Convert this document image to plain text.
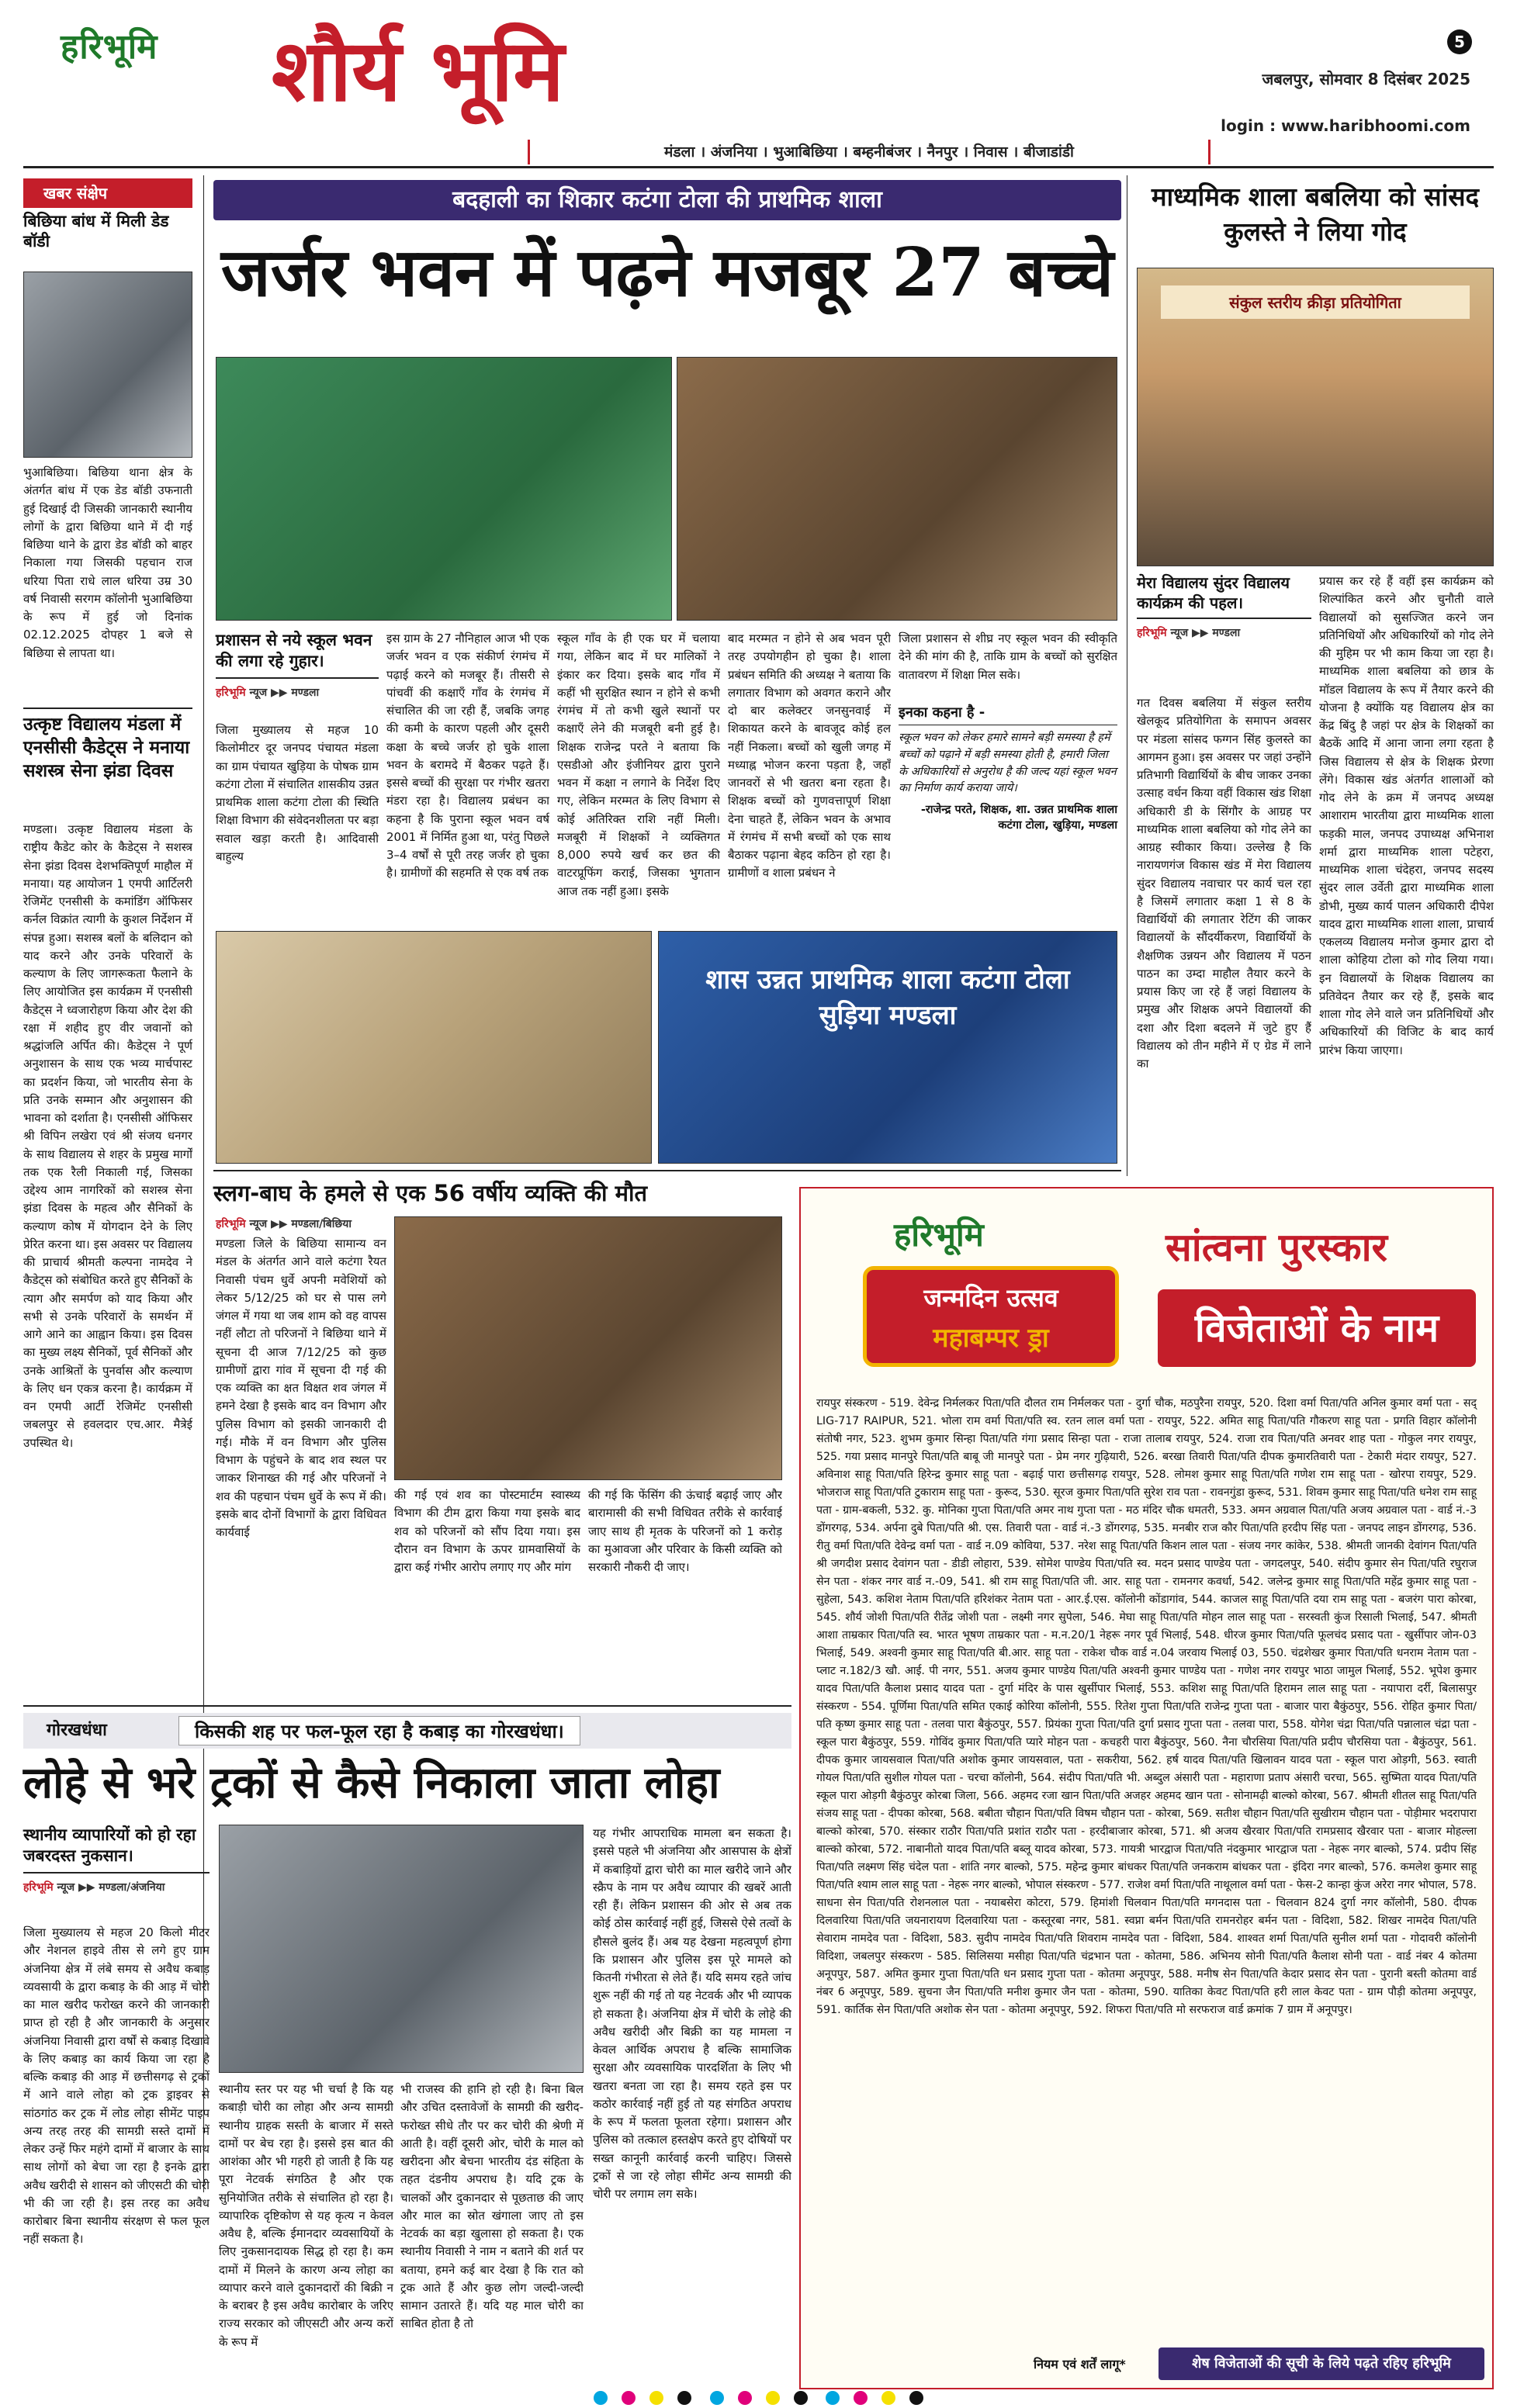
हरिभूमि शौर्य भूमि	5
जबलपुर, सोमवार 8 दिसंबर 2025
login : www.haribhoomi.com
मंडला । अंजनिया । भुआबिछिया । बम्हनीबंजर । नैनपुर । निवास । बीजाडांडी
खबर संक्षेप
बिछिया बांध में मिली डेड बॉडी
भुआबिछिया। बिछिया थाना क्षेत्र के अंतर्गत बांध में एक डेड बॉडी उफनाती हुई दिखाई दी जिसकी जानकारी स्थानीय लोगों के द्वारा बिछिया थाने में दी गई बिछिया थाने के द्वारा डेड बॉडी को बाहर निकाला गया जिसकी पहचान राज धरिया पिता राधे लाल धरिया उम्र 30 वर्ष निवासी सरगम कॉलोनी भुआबिछिया के रूप में हुई जो दिनांक 02.12.2025 दोपहर 1 बजे से बिछिया से लापता था।
उत्कृष्ट विद्यालय मंडला में एनसीसी कैडेट्स ने मनाया सशस्त्र सेना झंडा दिवस
मण्डला। उत्कृष्ट विद्यालय मंडला के राष्ट्रीय कैडेट कोर के कैडेट्स ने सशस्त्र सेना झंडा दिवस देशभक्तिपूर्ण माहौल में मनाया। यह आयोजन 1 एमपी आर्टिलरी रेजिमेंट एनसीसी के कमांडिंग ऑफिसर कर्नल विक्रांत त्यागी के कुशल निर्देशन में संपन्न हुआ। सशस्त्र बलों के बलिदान को याद करने और उनके परिवारों के कल्याण के लिए जागरूकता फैलाने के लिए आयोजित इस कार्यक्रम में एनसीसी कैडेट्स ने ध्वजारोहण किया और देश की रक्षा में शहीद हुए वीर जवानों को श्रद्धांजलि अर्पित की। कैडेट्स ने पूर्ण अनुशासन के साथ एक भव्य मार्चपास्ट का प्रदर्शन किया, जो भारतीय सेना के प्रति उनके सम्मान और अनुशासन की भावना को दर्शाता है। एनसीसी ऑफिसर श्री विपिन लखेरा एवं श्री संजय धनगर के साथ विद्यालय से शहर के प्रमुख मार्गों तक एक रैली निकाली गई, जिसका उद्देश्य आम नागरिकों को सशस्त्र सेना झंडा दिवस के महत्व और सैनिकों के कल्याण कोष में योगदान देने के लिए प्रेरित करना था। इस अवसर पर विद्यालय की प्राचार्य श्रीमती कल्पना नामदेव ने कैडेट्स को संबोधित करते हुए सैनिकों के त्याग और समर्पण को याद किया और सभी से उनके परिवारों के समर्थन में आगे आने का आह्वान किया। इस दिवस का मुख्य लक्ष्य सैनिकों, पूर्व सैनिकों और उनके आश्रितों के पुनर्वास और कल्याण के लिए धन एकत्र करना है। कार्यक्रम में वन एमपी आर्टी रेजिमेंट एनसीसी जबलपुर से हवलदार एच.आर. मैत्रेई उपस्थित थे।
बदहाली का शिकार कटंगा टोला की प्राथमिक शाला
जर्जर भवन में पढ़ने मजबूर 27 बच्चे
प्रशासन से नये स्कूल भवन की लगा रहे गुहार।
हरिभूमि न्यूज ▶▶ मण्डला
जिला मुख्यालय से महज 10 किलोमीटर दूर जनपद पंचायत मंडला का ग्राम पंचायत खुड़िया के पोषक ग्राम कटंगा टोला में संचालित शासकीय उन्नत प्राथमिक शाला कटंगा टोला की स्थिति शिक्षा विभाग की संवेदनशीलता पर बड़ा सवाल खड़ा करती है। आदिवासी बाहुल्य
इस ग्राम के 27 नौनिहाल आज भी एक जर्जर भवन व एक संकीर्ण रंगमंच में पढ़ाई करने को मजबूर हैं। तीसरी से पांचवीं की कक्षाएँ गाँव के रंगमंच में संचालित की जा रही हैं, जबकि जगह की कमी के कारण पहली और दूसरी कक्षा के बच्चे जर्जर हो चुके शाला भवन के बरामदे में बैठकर पढ़ते हैं। इससे बच्चों की सुरक्षा पर गंभीर खतरा मंडरा रहा है। विद्यालय प्रबंधन का कहना है कि पुराना स्कूल भवन वर्ष 2001 में निर्मित हुआ था, परंतु पिछले 3–4 वर्षों से पूरी तरह जर्जर हो चुका है। ग्रामीणों की सहमति से एक वर्ष तक
स्कूल गाँव के ही एक घर में चलाया गया, लेकिन बाद में घर मालिकों ने इंकार कर दिया। इसके बाद गाँव में कहीं भी सुरक्षित स्थान न होने से कभी रंगमंच में तो कभी खुले स्थानों पर कक्षाएँ लेने की मजबूरी बनी हुई है। शिक्षक राजेन्द्र परते ने बताया कि एसडीओ और इंजीनियर द्वारा पुराने भवन में कक्षा न लगाने के निर्देश दिए गए, लेकिन मरम्मत के लिए विभाग से कोई अतिरिक्त राशि नहीं मिली। मजबूरी में शिक्षकों ने व्यक्तिगत 8,000 रुपये खर्च कर छत की वाटरप्रूफिंग कराई, जिसका भुगतान आज तक नहीं हुआ। इसके
बाद मरम्मत न होने से अब भवन पूरी तरह उपयोगहीन हो चुका है। शाला प्रबंधन समिति की अध्यक्ष ने बताया कि लगातार विभाग को अवगत कराने और दो बार कलेक्टर जनसुनवाई में शिकायत करने के बावजूद कोई हल नहीं निकला। बच्चों को खुली जगह में मध्याह्न भोजन करना पड़ता है, जहाँ जानवरों से भी खतरा बना रहता है। शिक्षक बच्चों को गुणवत्तापूर्ण शिक्षा देना चाहते हैं, लेकिन भवन के अभाव में रंगमंच में सभी बच्चों को एक साथ बैठाकर पढ़ाना बेहद कठिन हो रहा है। ग्रामीणों व शाला प्रबंधन ने
जिला प्रशासन से शीघ्र नए स्कूल भवन की स्वीकृति देने की मांग की है, ताकि ग्राम के बच्चों को सुरक्षित वातावरण में शिक्षा मिल सके।
इनका कहना है -
स्कूल भवन को लेकर हमारे सामने बड़ी समस्या है हमें बच्चों को पढ़ाने में बड़ी समस्या होती है, हमारी जिला के अधिकारियों से अनुरोध है की जल्द यहां स्कूल भवन का निर्माण कार्य कराया जाये।
-राजेन्द्र परते, शिक्षक, शा. उन्नत प्राथमिक शाला कटंगा टोला, खुड़िया, मण्डला
शास उन्नत प्राथमिक शाला कटंगा टोला सुड़िया मण्डला
माध्यमिक शाला बबलिया को सांसद कुलस्ते ने लिया गोद
संकुल स्तरीय क्रीड़ा प्रतियोगिता
मेरा विद्यालय सुंदर विद्यालय कार्यक्रम की पहल।
हरिभूमि न्यूज ▶▶ मण्डला
गत दिवस बबलिया में संकुल स्तरीय खेलकूद प्रतियोगिता के समापन अवसर पर मंडला सांसद फग्गन सिंह कुलस्ते का आगमन हुआ। इस अवसर पर जहां उन्होंने प्रतिभागी विद्यार्थियों के बीच जाकर उनका उत्साह वर्धन किया वहीं विकास खंड शिक्षा अधिकारी डी के सिंगौर के आग्रह पर माध्यमिक शाला बबलिया को गोद लेने का आग्रह स्वीकार किया। उल्लेख है कि नारायणगंज विकास खंड में मेरा विद्यालय सुंदर विद्यालय नवाचार पर कार्य चल रहा है जिसमें लगातार कक्षा 1 से 8 के विद्यार्थियों की लगातार रेटिंग की जाकर विद्यालयों के सौंदर्यीकरण, विद्यार्थियों के शैक्षणिक उन्नयन और विद्यालय में पठन पाठन का उम्दा माहौल तैयार करने के प्रयास किए जा रहे हैं जहां विद्यालय के प्रमुख और शिक्षक अपने विद्यालयों की दशा और दिशा बदलने में जुटे हुए हैं विद्यालय को तीन महीने में ए ग्रेड में लाने का
प्रयास कर रहे हैं वहीं इस कार्यक्रम को शिल्पांकित करने और चुनौती वाले विद्यालयों को सुसज्जित करने जन प्रतिनिधियों और अधिकारियों को गोद लेने की मुहिम पर भी काम किया जा रहा है। माध्यमिक शाला बबलिया को छात्र के मॉडल विद्यालय के रूप में तैयार करने की योजना है क्योंकि यह विद्यालय क्षेत्र का केंद्र बिंदु है जहां पर क्षेत्र के शिक्षकों का बैठकें आदि में आना जाना लगा रहता है जिस विद्यालय से क्षेत्र के शिक्षक प्रेरणा लेंगे। विकास खंड अंतर्गत शालाओं को गोद लेने के क्रम में जनपद अध्यक्ष आशाराम भारतीया द्वारा माध्यमिक शाला फड़की माल, जनपद उपाध्यक्ष अभिनाश शर्मा द्वारा माध्यमिक शाला पटेहरा, माध्यमिक शाला चंदेहरा, जनपद सदस्य सुंदर लाल उर्वेती द्वारा माध्यमिक शाला डोभी, मुख्य कार्य पालन अधिकारी दीपेश यादव द्वारा माध्यमिक शाला शाला, प्राचार्य एकलव्य विद्यालय मनोज कुमार द्वारा दो शाला कोहिया टोला को गोद लिया गया। इन विद्यालयों के शिक्षक विद्यालय का प्रतिवेदन तैयार कर रहे हैं, इसके बाद शाला गोद लेने वाले जन प्रतिनिधियों और अधिकारियों की विजिट के बाद कार्य प्रारंभ किया जाएगा।
स्लग-बाघ के हमले से एक 56 वर्षीय व्यक्ति की मौत
हरिभूमि न्यूज ▶▶ मण्डला/बिछिया
मण्डला जिले के बिछिया सामान्य वन मंडल के अंतर्गत आने वाले कटंगा रैयत निवासी पंचम धुर्वे अपनी मवेशियों को लेकर 5/12/25 को घर से पास लगे जंगल में गया था जब शाम को वह वापस नहीं लौटा तो परिजनों ने बिछिया थाने में सूचना दी आज 7/12/25 को कुछ ग्रामीणों द्वारा गांव में सूचना दी गई की एक व्यक्ति का क्षत विक्षत शव जंगल में हमने देखा है इसके बाद वन विभाग और पुलिस विभाग को इसकी जानकारी दी गई। मौके में वन विभाग और पुलिस विभाग के पहुंचने के बाद शव स्थल पर जाकर शिनाख्त की गई और परिजनों ने शव की पहचान पंचम धुर्वे के रूप में की। इसके बाद दोनों विभागों के द्वारा विधिवत कार्यवाई
की गई एवं शव का पोस्टमार्टम स्वास्थ्य विभाग की टीम द्वारा किया गया इसके बाद शव को परिजनों को सौंप दिया गया। इस दौरान वन विभाग के ऊपर ग्रामवासियों के द्वारा कई गंभीर आरोप लगाए गए और मांग
की गई कि फेंसिंग की ऊंचाई बढ़ाई जाए और बारामासी की सभी विधिवत तरीके से कार्रवाई जाए साथ ही मृतक के परिजनों को 1 करोड़ का मुआवजा और परिवार के किसी व्यक्ति को सरकारी नौकरी दी जाए।
हरिभूमि
जन्मदिन उत्सव
महाबम्पर ड्रा
सांत्वना पुरस्कार
विजेताओं के नाम
रायपुर संस्करण - 519. देवेन्द्र निर्मलकर पिता/पति दौलत राम निर्मलकर पता - दुर्गा चौक, मठपुरैना रायपुर, 520. दिशा वर्मा पिता/पति अनिल कुमार वर्मा पता - सद् LIG-717 RAIPUR, 521. भोला राम वर्मा पिता/पति स्व. रतन लाल वर्मा पता - रायपुर, 522. अमित साहू पिता/पति गौकरण साहू पता - प्रगति विहार कॉलोनी संतोषी नगर, 523. शुभम कुमार सिन्हा पिता/पति गंगा प्रसाद सिन्हा पता - राजा तालाब रायपुर, 524. राजा राव पिता/पति अनवर शाह पता - गोकुल नगर रायपुर, 525. गया प्रसाद मानपुरे पिता/पति बाबू जी मानपुरे पता - प्रेम नगर गुढ़ियारी, 526. बरखा तिवारी पिता/पति दीपक कुमारतिवारी पता - टेकारी मंदार रायपुर, 527. अविनाश साहू पिता/पति हिरेन्द्र कुमार साहू पता - बढ़ाई पारा छत्तीसगढ़ रायपुर, 528. लोमश कुमार साहू पिता/पति गणेश राम साहू पता - खोरपा रायपुर, 529. भोजराज साहू पिता/पति टुकाराम साहू पता - कुरूद, 530. सूरज कुमार पिता/पति सुरेश राव पता - रावनगुंडा कुरूद, 531. शिवम कुमार साहू पिता/पति धनेश राम साहू पता - ग्राम-बकली, 532. कु. मोनिका गुप्ता पिता/पति अमर नाथ गुप्ता पता - मठ मंदिर चौक धमतरी, 533. अमन अग्रवाल पिता/पति अजय अग्रवाल पता - वार्ड नं.-3 डोंगरगढ़, 534. अर्पना दुबे पिता/पति श्री. एस. तिवारी पता - वार्ड नं.-3 डोंगरगढ़, 535. मनबीर राज कौर पिता/पति हरदीप सिंह पता - जनपद लाइन डोंगरगढ़, 536. रीतु वर्मा पिता/पति देवेन्द्र वर्मा पता - वार्ड न.09 कोविया, 537. नरेश साहू पिता/पति किशन लाल पता - संजय नगर कांकेर, 538. श्रीमती जानकी देवांगन पिता/पति श्री जगदीश प्रसाद देवांगन पता - डीडी लोहारा, 539. सोमेश पाण्डेय पिता/पति स्व. मदन प्रसाद पाण्डेय पता - जगदलपुर, 540. संदीप कुमार सेन पिता/पति रघुराज सेन पता - शंकर नगर वार्ड न.-09, 541. श्री राम साहू पिता/पति जी. आर. साहू पता - रामनगर कवर्धा, 542. जलेन्द्र कुमार साहू पिता/पति महेंद्र कुमार साहू पता - सुहेला, 543. कशिश नेताम पिता/पति हरिशंकर नेताम पता - आर.ई.एस. कॉलोनी कोंडागांव, 544. काजल साहू पिता/पति दया राम साहू पता - बजरंग पारा कोरबा, 545. शौर्य जोशी पिता/पति रीतेंद्र जोशी पता - लक्ष्मी नगर सुपेला, 546. मेघा साहू पिता/पति मोहन लाल साहू पता - सरस्वती कुंज रिसाली भिलाई, 547. श्रीमती आशा ताम्रकार पिता/पति स्व. भारत भूषण ताम्रकार पता - म.न.20/1 नेहरू नगर पूर्व भिलाई, 548. धीरज कुमार पिता/पति फूलचंद प्रसाद पता - खुर्सीपार जोन-03 भिलाई, 549. अश्वनी कुमार साहू पिता/पति बी.आर. साहू पता - राकेश चौक वार्ड न.04 जरवाय भिलाई 03, 550. चंद्रशेखर कुमार पिता/पति धनराम नेताम पता - प्लाट न.182/3 खौ. आई. पी नगर, 551. अजय कुमार पाण्डेय पिता/पति अश्वनी कुमार पाण्डेय पता - गणेश नगर रायपुर भाठा जामुल भिलाई, 552. भूपेश कुमार यादव पिता/पति कैलाश प्रसाद यादव पता - दुर्गा मंदिर के पास खुर्सीपार भिलाई, 553. कशिश साहू पिता/पति हिरामन लाल साहू पता - नयापारा दर्री, बिलासपुर संस्करण - 554. पूर्णिमा पिता/पति समित एकाई कोरिया कॉलोनी, 555. रितेश गुप्ता पिता/पति राजेन्द्र गुप्ता पता - बाजार पारा बैकुंठपुर, 556. रोहित कुमार पिता/पति कृष्ण कुमार साहू पता - तलवा पारा बैकुंठपुर, 557. प्रियंका गुप्ता पिता/पति दुर्गा प्रसाद गुप्ता पता - तलवा पारा, 558. योगेश चंद्रा पिता/पति पन्नालाल चंद्रा पता - स्कूल पारा बैकुंठपुर, 559. गोविंद कुमार पिता/पति प्यारे मोहन पता - कचहरी पारा बैकुंठपुर, 560. नैना चौरसिया पिता/पति प्रदीप चौरसिया पता - बैकुंठपुर, 561. दीपक कुमार जायसवाल पिता/पति अशोक कुमार जायसवाल, पता - सकरीया, 562. हर्ष यादव पिता/पति खिलावन यादव पता - स्कूल पारा ओड़गी, 563. स्वाती गोयल पिता/पति सुशील गोयल पता - चरचा कॉलोनी, 564. संदीप पिता/पति भी. अब्दुल अंसारी पता - महाराणा प्रताप अंसारी चरचा, 565. सुष्मिता यादव पिता/पति स्कूल पारा ओड़गी बैकुंठपुर कोरबा जिला, 566. अहमद रजा खान पिता/पति अजहर अहमद खान पता - सोनामढ़ी बाल्को कोरबा, 567. श्रीमती शीतल साहू पिता/पति संजय साहू पता - दीपका कोरबा, 568. बबीता चौहान पिता/पति विषम चौहान पता - कोरबा, 569. सतीश चौहान पिता/पति सुखीराम चौहान पता - पोड़ीमार भदरापारा बाल्को कोरबा, 570. संस्कार राठौर पिता/पति प्रशांत राठौर पता - हरदीबाजार कोरबा, 571. श्री अजय खैरवार पिता/पति रामप्रसाद खैरवार पता - बाजार मोहल्ला बाल्को कोरबा, 572. नाबानीतो यादव पिता/पति बब्लू यादव कोरबा, 573. गायत्री भारद्वाज पिता/पति नंदकुमार भारद्वाज पता - नेहरू नगर बाल्को, 574. प्रदीप सिंह पिता/पति लक्ष्मण सिंह चंदेल पता - शांति नगर बाल्को, 575. महेन्द्र कुमार बांधकर पिता/पति जनकराम बांधकर पता - इंदिरा नगर बाल्को, 576. कमलेश कुमार साहू पिता/पति श्याम लाल साहू पता - नेहरू नगर बाल्को, भोपाल संस्करण - 577. राजेश वर्मा पिता/पति नाथूलाल वर्मा पता - फेस-2 कान्हा कुंज अरेरा नगर भोपाल, 578. साधना सेन पिता/पति रोशनलाल पता - नयाबसेरा कोटरा, 579. हिमांशी चिलवान पिता/पति मगनदास पता - चिलवान 824 दुर्गा नगर कॉलोनी, 580. दीपक दिलवारिया पिता/पति जयनारायण दिलवारिया पता - कस्तूरबा नगर, 581. स्वप्ना बर्मन पिता/पति रामनरोहर बर्मन पता - विदिशा, 582. शिखर नामदेव पिता/पति सेवाराम नामदेव पता - विदिशा, 583. सुदीप नामदेव पिता/पति शिवराम नामदेव पता - विदिशा, 584. शाश्वत शर्मा पिता/पति सुनील शर्मा पता - गोदावरी कॉलोनी विदिशा, जबलपुर संस्करण - 585. सिलिसया मसीहा पिता/पति चंद्रभान पता - कोतमा, 586. अभिनय सोनी पिता/पति कैलाश सोनी पता - वार्ड नंबर 4 कोतमा अनूपपुर, 587. अमित कुमार गुप्ता पिता/पति धन प्रसाद गुप्ता पता - कोतमा अनूपपुर, 588. मनीष सेन पिता/पति केदार प्रसाद सेन पता - पुरानी बस्ती कोतमा वार्ड नंबर 6 अनूपपुर, 589. सुचना जैन पिता/पति मनीश कुमार जैन पता - कोतमा, 590. यातिका केवट पिता/पति हरी लाल केवट पता - ग्राम पौड़ी कोतमा अनूपपुर, 591. कार्तिक सेन पिता/पति अशोक सेन पता - कोतमा अनूपपुर, 592. शिफरा पिता/पति मो सरफराज वार्ड क्रमांक 7 ग्राम में अनूपपुर।
नियम एवं शर्तें लागू*	शेष विजेताओं की सूची के लिये पढ़ते रहिए हरिभूमि
गोरखधंधा	किसकी शह पर फल-फूल रहा है कबाड़ का गोरखधंधा।
लोहे से भरे ट्रकों से कैसे निकाला जाता लोहा
स्थानीय व्यापारियों को हो रहा जबरदस्त नुकसान।
हरिभूमि न्यूज ▶▶ मण्डला/अंजनिया
जिला मुख्यालय से महज 20 किलो मीटर और नेशनल हाइवे तीस से लगे हुए ग्राम अंजनिया क्षेत्र में लंबे समय से अवैध कबाड़ व्यवसायी के द्वारा कबाड़ के की आड़ में चोरी का माल खरीद फरोख्त करने की जानकारी प्राप्त हो रही है और जानकारी के अनुसार अंजनिया निवासी द्वारा वर्षों से कबाड़ दिखावे के लिए कबाड़ का कार्य किया जा रहा है बल्कि कबाड़ की आड़ में छत्तीसगढ़ से ट्रकों में आने वाले लोहा को ट्रक ड्राइवर से सांठगांठ कर ट्रक में लोड लोहा सीमेंट पाइप अन्य तरह तरह की सामग्री सस्ते दामों में लेकर उन्हें फिर महंगे दामों में बाजार के साथ साथ लोगों को बेचा जा रहा है इनके द्वारा अवैध खरीदी से शासन को जीएसटी की चोरी भी की जा रही है। इस तरह का अवैध कारोबार बिना स्थानीय संरक्षण से फल फूल नहीं सकता है।
स्थानीय स्तर पर यह भी चर्चा है कि यह कबाड़ी चोरी का लोहा और अन्य सामग्री स्थानीय ग्राहक सस्ती के बाजार में सस्ते दामों पर बेच रहा है। इससे इस बात की आशंका और भी गहरी हो जाती है कि यह पूरा नेटवर्क संगठित है और एक सुनियोजित तरीके से संचालित हो रहा है। व्यापारिक दृष्टिकोण से यह कृत्य न केवल अवैध है, बल्कि ईमानदार व्यवसायियों के लिए नुकसानदायक सिद्ध हो रहा है। कम दामों में मिलने के कारण अन्य लोहा का व्यापार करने वाले दुकानदारों की बिक्री न के बराबर है इस अवैध कारोबार के जरिए राज्य सरकार को जीएसटी और अन्य करों के रूप में
भी राजस्व की हानि हो रही है। बिना बिल और उचित दस्तावेजों के सामग्री की खरीद-फरोख्त सीधे तौर पर कर चोरी की श्रेणी में आती है। वहीं दूसरी ओर, चोरी के माल को खरीदना और बेचना भारतीय दंड संहिता के तहत दंडनीय अपराध है। यदि ट्रक के चालकों और दुकानदार से पूछताछ की जाए और माल का स्रोत खंगाला जाए तो इस नेटवर्क का बड़ा खुलासा हो सकता है। एक स्थानीय निवासी ने नाम न बताने की शर्त पर बताया, हमने कई बार देखा है कि रात को ट्रक आते हैं और कुछ लोग जल्दी-जल्दी सामान उतारते हैं। यदि यह माल चोरी का साबित होता है तो
यह गंभीर आपराधिक मामला बन सकता है। इससे पहले भी अंजनिया और आसपास के क्षेत्रों में कबाड़ियों द्वारा चोरी का माल खरीदे जाने और स्क्रैप के नाम पर अवैध व्यापार की खबरें आती रही हैं। लेकिन प्रशासन की ओर से अब तक कोई ठोस कार्रवाई नहीं हुई, जिससे ऐसे तत्वों के हौसले बुलंद हैं। अब यह देखना महत्वपूर्ण होगा कि प्रशासन और पुलिस इस पूरे मामले को कितनी गंभीरता से लेते हैं। यदि समय रहते जांच शुरू नहीं की गई तो यह नेटवर्क और भी व्यापक हो सकता है। अंजनिया क्षेत्र में चोरी के लोहे की अवैध खरीदी और बिक्री का यह मामला न केवल आर्थिक अपराध है बल्कि सामाजिक सुरक्षा और व्यवसायिक पारदर्शिता के लिए भी खतरा बनता जा रहा है। समय रहते इस पर कठोर कार्रवाई नहीं हुई तो यह संगठित अपराध के रूप में फलता फूलता रहेगा। प्रशासन और पुलिस को तत्काल हस्तक्षेप करते हुए दोषियों पर सख्त कानूनी कार्रवाई करनी चाहिए। जिससे ट्रकों से जा रहे लोहा सीमेंट अन्य सामग्री की चोरी पर लगाम लग सके।
